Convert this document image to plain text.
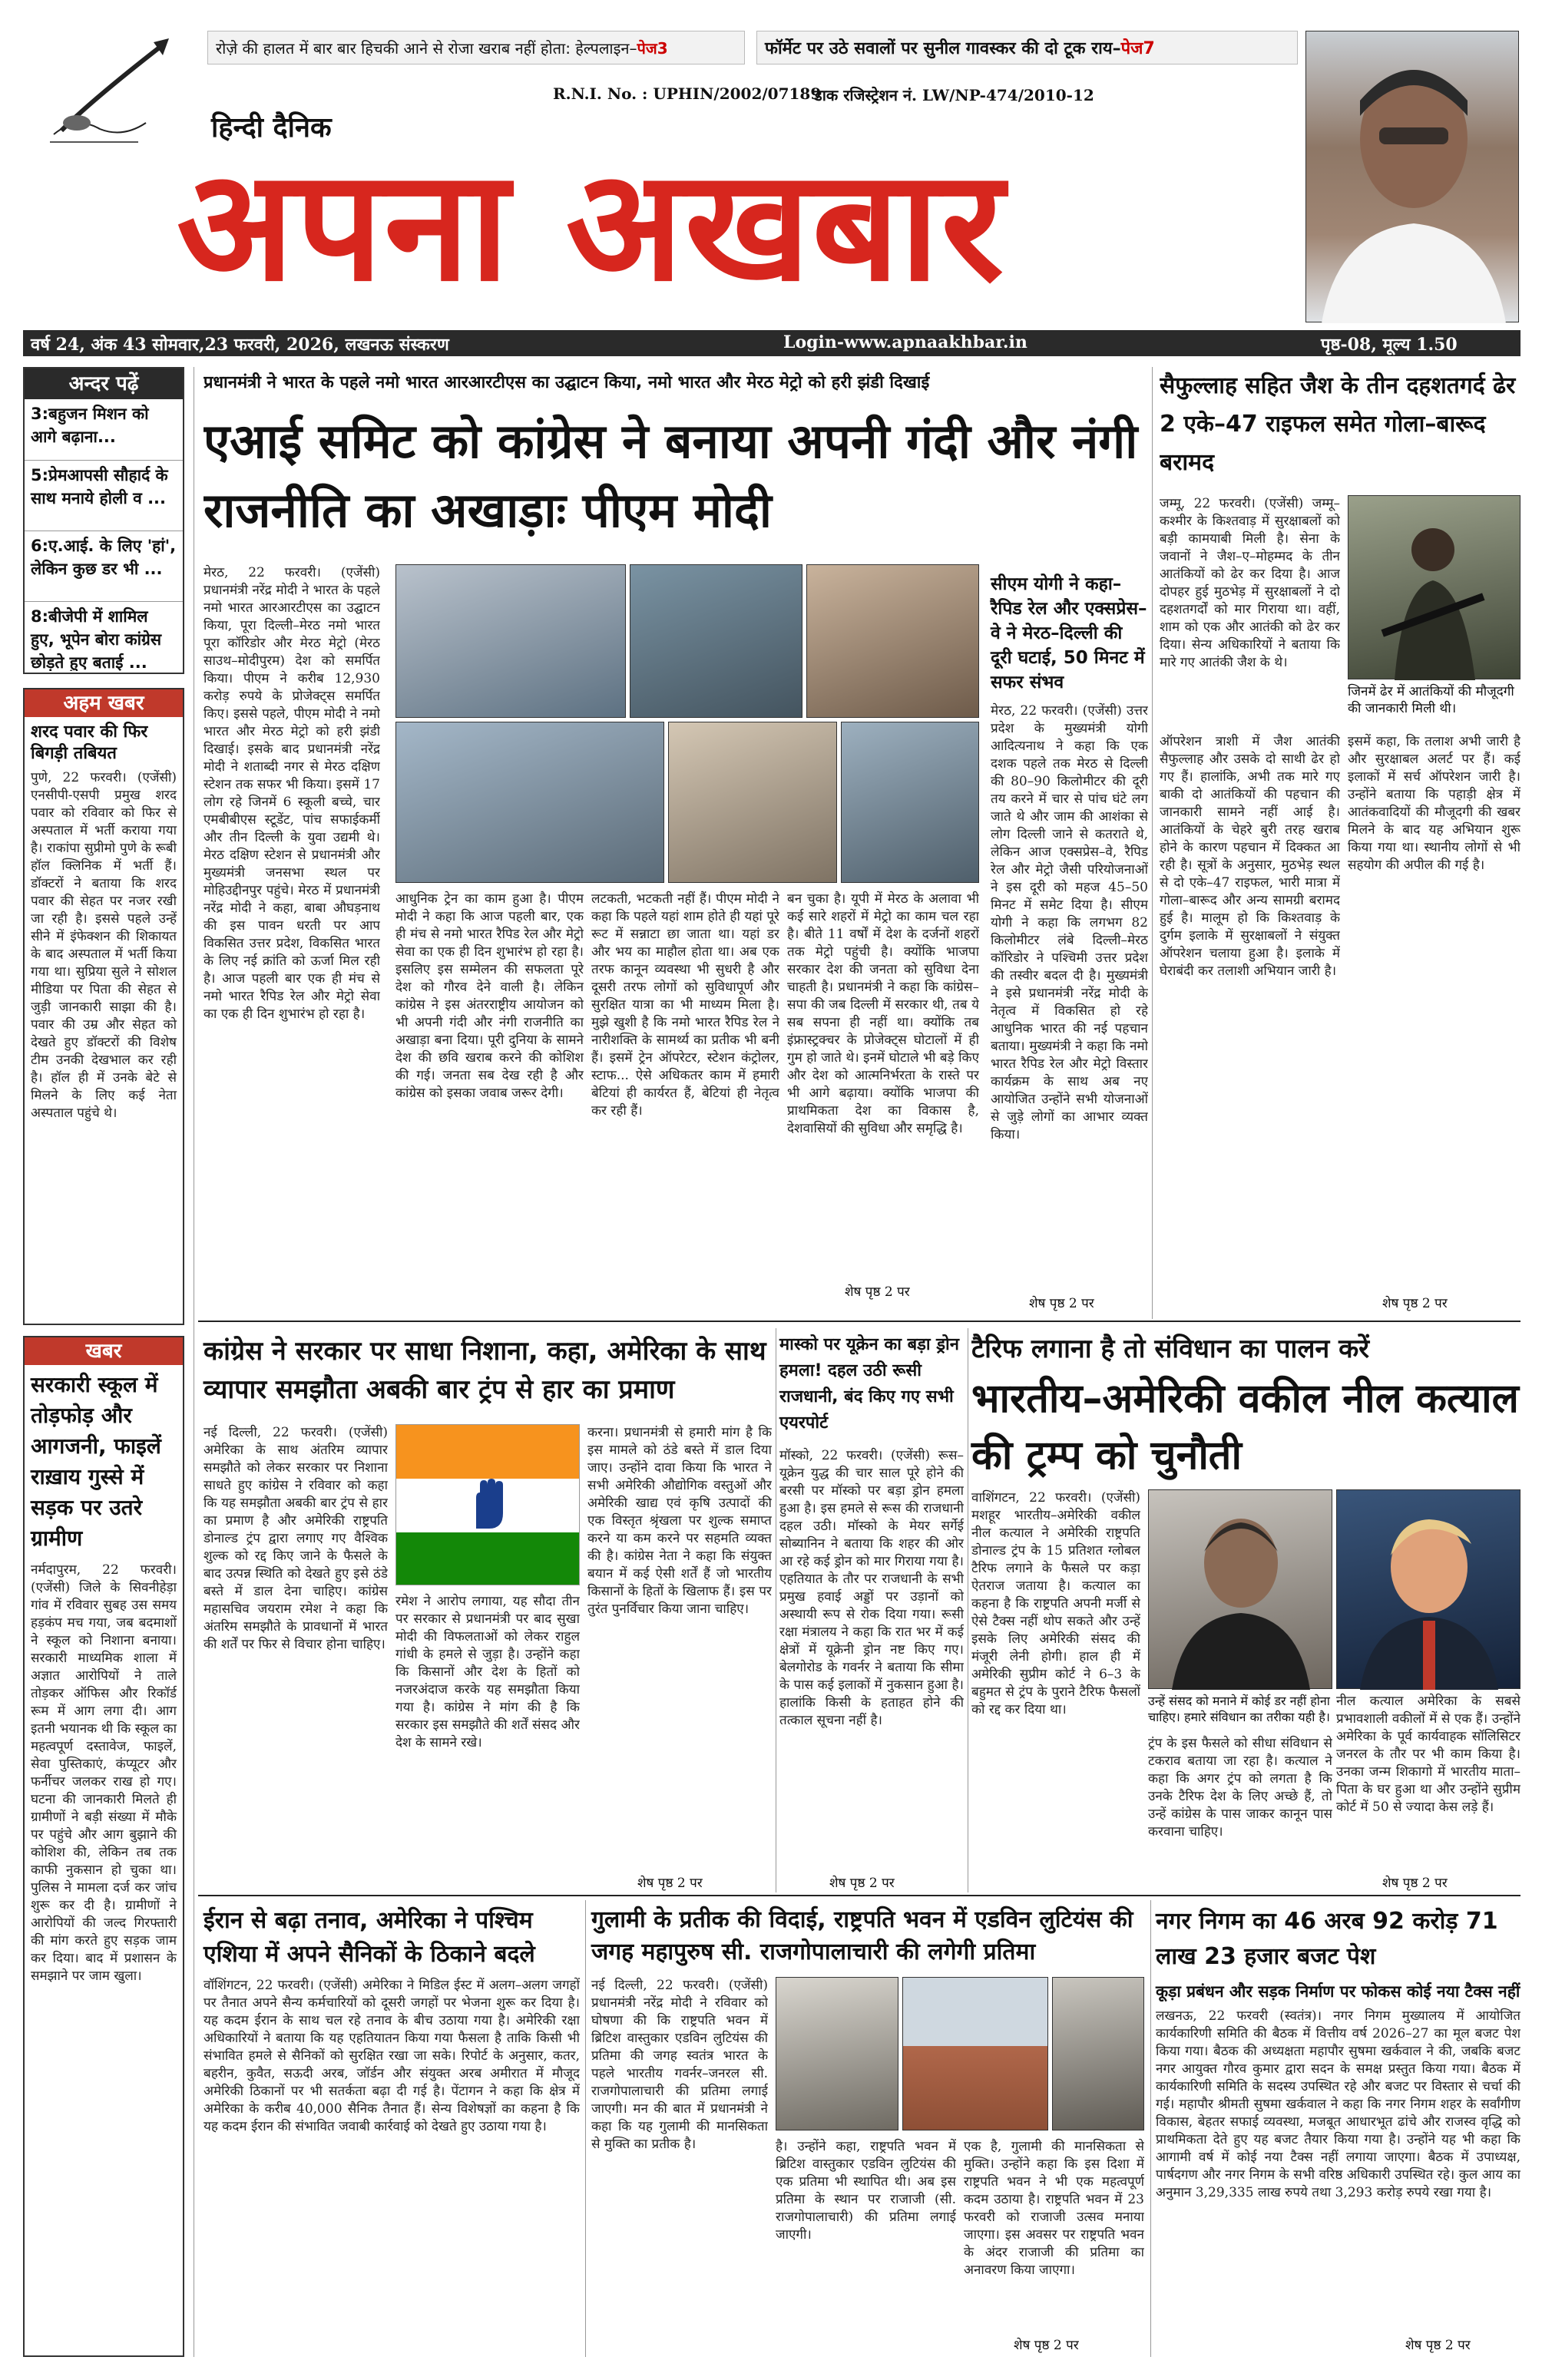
रोज़े की हालत में बार बार हिचकी आने से रोजा खराब नहीं होता: हेल्पलाइन– पेज3	फॉर्मेट पर उठे सवालों पर सुनील गावस्कर की दो टूक राय– पेज7
R.N.I. No. : UPHIN/2002/07189
डाक रजिस्ट्रेशन नं. LW/NP-474/2010-12
हिन्दी दैनिक
अपना अखबार
वर्ष 24, अंक 43 सोमवार,23 फरवरी, 2026, लखनऊ संस्करण	Login-www.apnaakhbar.in	पृष्ठ-08, मूल्य 1.50
अन्दर पढ़ें
3:बहुजन मिशन को आगे बढ़ाना...
5:प्रेमआपसी सौहार्द के साथ मनाये होली व ...
6:ए.आई. के लिए 'हां', लेकिन कुछ डर भी ...
8:बीजेपी में शामिल हुए, भूपेन बोरा कांग्रेस छोड़ते हुए बताई ...
अहम खबर
शरद पवार की फिर बिगड़ी तबियत
पुणे, 22 फरवरी। (एजेंसी) एनसीपी-एसपी प्रमुख शरद पवार को रविवार को फिर से अस्पताल में भर्ती कराया गया है। राकांपा सुप्रीमो पुणे के रूबी हॉल क्लिनिक में भर्ती हैं। डॉक्टरों ने बताया कि शरद पवार की सेहत पर नजर रखी जा रही है। इससे पहले उन्हें सीने में इंफेक्शन की शिकायत के बाद अस्पताल में भर्ती किया गया था। सुप्रिया सुले ने सोशल मीडिया पर पिता की सेहत से जुड़ी जानकारी साझा की है। पवार की उम्र और सेहत को देखते हुए डॉक्टरों की विशेष टीम उनकी देखभाल कर रही है। हॉल ही में उनके बेटे से मिलने के लिए कई नेता अस्पताल पहुंचे थे।
खबर
सरकारी स्कूल में तोड़फोड़ और आगजनी, फाइलें राख़ाय गुस्से में सड़क पर उतरे ग्रामीण
नर्मदापुरम, 22 फरवरी। (एजेंसी) जिले के सिवनीहेड़ा गांव में रविवार सुबह उस समय हड़कंप मच गया, जब बदमाशों ने स्कूल को निशाना बनाया। सरकारी माध्यमिक शाला में अज्ञात आरोपियों ने ताले तोड़कर ऑफिस और रिकॉर्ड रूम में आग लगा दी। आग इतनी भयानक थी कि स्कूल का महत्वपूर्ण दस्तावेज, फाइलें, सेवा पुस्तिकाएं, कंप्यूटर और फर्नीचर जलकर राख हो गए। घटना की जानकारी मिलते ही ग्रामीणों ने बड़ी संख्या में मौके पर पहुंचे और आग बुझाने की कोशिश की, लेकिन तब तक काफी नुकसान हो चुका था। पुलिस ने मामला दर्ज कर जांच शुरू कर दी है। ग्रामीणों ने आरोपियों की जल्द गिरफ्तारी की मांग करते हुए सड़क जाम कर दिया। बाद में प्रशासन के समझाने पर जाम खुला।
प्रधानमंत्री ने भारत के पहले नमो भारत आरआरटीएस का उद्घाटन किया, नमो भारत और मेरठ मेट्रो को हरी झंडी दिखाई
एआई समिट को कांग्रेस ने बनाया अपनी गंदी और नंगी राजनीति का अखाड़ाः पीएम मोदी
मेरठ, 22 फरवरी। (एजेंसी) प्रधानमंत्री नरेंद्र मोदी ने भारत के पहले नमो भारत आरआरटीएस का उद्घाटन किया, पूरा दिल्ली–मेरठ नमो भारत पूरा कॉरिडोर और मेरठ मेट्रो (मेरठ साउथ–मोदीपुरम) देश को समर्पित किया। पीएम ने करीब 12,930 करोड़ रुपये के प्रोजेक्ट्स समर्पित किए। इससे पहले, पीएम मोदी ने नमो भारत और मेरठ मेट्रो को हरी झंडी दिखाई। इसके बाद प्रधानमंत्री नरेंद्र मोदी ने शताब्दी नगर से मेरठ दक्षिण स्टेशन तक सफर भी किया। इसमें 17 लोग रहे जिनमें 6 स्कूली बच्चे, चार एमबीबीएस स्टूडेंट, पांच सफाईकर्मी और तीन दिल्ली के युवा उद्यमी थे। मेरठ दक्षिण स्टेशन से प्रधानमंत्री और मुख्यमंत्री जनसभा स्थल पर मोहिउद्दीनपुर पहुंचे। मेरठ में प्रधानमंत्री नरेंद्र मोदी ने कहा, बाबा औघड़नाथ की इस पावन धरती पर आप विकसित उत्तर प्रदेश, विकसित भारत के लिए नई क्रांति को ऊर्जा मिल रही है। आज पहली बार एक ही मंच से नमो भारत रैपिड रेल और मेट्रो सेवा का एक ही दिन शुभारंभ हो रहा है।
सीएम योगी ने कहा– रैपिड रेल और एक्सप्रेस–वे ने मेरठ–दिल्ली की दूरी घटाई, 50 मिनट में सफर संभव
मेरठ, 22 फरवरी। (एजेंसी) उत्तर प्रदेश के मुख्यमंत्री योगी आदित्यनाथ ने कहा कि एक दशक पहले तक मेरठ से दिल्ली की 80–90 किलोमीटर की दूरी तय करने में चार से पांच घंटे लग जाते थे और जाम की आशंका से लोग दिल्ली जाने से कतराते थे, लेकिन आज एक्सप्रेस–वे, रैपिड रेल और मेट्रो जैसी परियोजनाओं ने इस दूरी को महज 45–50 मिनट में समेट दिया है। सीएम योगी ने कहा कि लगभग 82 किलोमीटर लंबे दिल्ली–मेरठ कॉरिडोर ने पश्चिमी उत्तर प्रदेश की तस्वीर बदल दी है। मुख्यमंत्री ने इसे प्रधानमंत्री नरेंद्र मोदी के नेतृत्व में विकसित हो रहे आधुनिक भारत की नई पहचान बताया। मुख्यमंत्री ने कहा कि नमो भारत रैपिड रेल और मेट्रो विस्तार कार्यक्रम के साथ अब नए आयोजित उन्होंने सभी योजनाओं से जुड़े लोगों का आभार व्यक्त किया।
शेष पृष्ठ 2 पर
आधुनिक ट्रेन का काम हुआ है। पीएम मोदी ने कहा कि आज पहली बार, एक ही मंच से नमो भारत रैपिड रेल और मेट्रो सेवा का एक ही दिन शुभारंभ हो रहा है। इसलिए इस सम्मेलन की सफलता पूरे देश को गौरव देने वाली है। लेकिन कांग्रेस ने इस अंतरराष्ट्रीय आयोजन को भी अपनी गंदी और नंगी राजनीति का अखाड़ा बना दिया। पूरी दुनिया के सामने देश की छवि खराब करने की कोशिश की गई। जनता सब देख रही है और कांग्रेस को इसका जवाब जरूर देगी।
लटकती, भटकती नहीं हैं। पीएम मोदी ने कहा कि पहले यहां शाम होते ही यहां पूरे रूट में सन्नाटा छा जाता था। यहां डर और भय का माहौल होता था। अब एक तरफ कानून व्यवस्था भी सुधरी है और दूसरी तरफ लोगों को सुविधापूर्ण और सुरक्षित यात्रा का भी माध्यम मिला है। मुझे खुशी है कि नमो भारत रैपिड रेल ने नारीशक्ति के सामर्थ्य का प्रतीक भी बनी हैं। इसमें ट्रेन ऑपरेटर, स्टेशन कंट्रोलर, स्टाफ... ऐसे अधिकतर काम में हमारी बेटियां ही कार्यरत हैं, बेटियां ही नेतृत्व कर रही हैं।
बन चुका है। यूपी में मेरठ के अलावा भी कई सारे शहरों में मेट्रो का काम चल रहा है। बीते 11 वर्षों में देश के दर्जनों शहरों तक मेट्रो पहुंची है। क्योंकि भाजपा सरकार देश की जनता को सुविधा देना चाहती है। प्रधानमंत्री ने कहा कि कांग्रेस–सपा की जब दिल्ली में सरकार थी, तब ये सब सपना ही नहीं था। क्योंकि तब इंफ्रास्ट्रक्चर के प्रोजेक्ट्स घोटालों में ही गुम हो जाते थे। इनमें घोटाले भी बड़े किए और देश को आत्मनिर्भरता के रास्ते पर भी आगे बढ़ाया। क्योंकि भाजपा की प्राथमिकता देश का विकास है, देशवासियों की सुविधा और समृद्धि है।
शेष पृष्ठ 2 पर
सैफुल्लाह सहित जैश के तीन दहशतगर्द ढेर 2 एके–47 राइफल समेत गोला–बारूद बरामद
जम्मू, 22 फरवरी। (एजेंसी) जम्मू–कश्मीर के किश्तवाड़ में सुरक्षाबलों को बड़ी कामयाबी मिली है। सेना के जवानों ने जैश–ए–मोहम्मद के तीन आतंकियों को ढेर कर दिया है। आज दोपहर हुई मुठभेड़ में सुरक्षाबलों ने दो दहशतगर्दों को मार गिराया था। वहीं, शाम को एक और आतंकी को ढेर कर दिया। सेन्य अधिकारियों ने बताया कि मारे गए आतंकी जैश के थे।
जिनमें ढेर में आतंकियों की मौजूदगी की जानकारी मिली थी।
ऑपरेशन त्राशी में जैश आतंकी सैफुल्लाह और उसके दो साथी ढेर हो गए हैं। हालांकि, अभी तक मारे गए बाकी दो आतंकियों की पहचान की जानकारी सामने नहीं आई है। आतंकियों के चेहरे बुरी तरह खराब होने के कारण पहचान में दिक्कत आ रही है। सूत्रों के अनुसार, मुठभेड़ स्थल से दो एके–47 राइफल, भारी मात्रा में गोला–बारूद और अन्य सामग्री बरामद हुई है। मालूम हो कि किश्तवाड़ के दुर्गम इलाके में सुरक्षाबलों ने संयुक्त ऑपरेशन चलाया हुआ है। इलाके में घेराबंदी कर तलाशी अभियान जारी है।
इसमें कहा, कि तलाश अभी जारी है और सुरक्षाबल अलर्ट पर हैं। कई इलाकों में सर्च ऑपरेशन जारी है। उन्होंने बताया कि पहाड़ी क्षेत्र में आतंकवादियों की मौजूदगी की खबर मिलने के बाद यह अभियान शुरू किया गया था। स्थानीय लोगों से भी सहयोग की अपील की गई है।
शेष पृष्ठ 2 पर
कांग्रेस ने सरकार पर साधा निशाना, कहा, अमेरिका के साथ व्यापार समझौता अबकी बार ट्रंप से हार का प्रमाण
नई दिल्ली, 22 फरवरी। (एजेंसी) अमेरिका के साथ अंतरिम व्यापार समझौते को लेकर सरकार पर निशाना साधते हुए कांग्रेस ने रविवार को कहा कि यह समझौता अबकी बार ट्रंप से हार का प्रमाण है और अमेरिकी राष्ट्रपति डोनाल्ड ट्रंप द्वारा लगाए गए वैश्विक शुल्क को रद्द किए जाने के फैसले के बाद उत्पन्न स्थिति को देखते हुए इसे ठंडे बस्ते में डाल देना चाहिए। कांग्रेस महासचिव जयराम रमेश ने कहा कि अंतरिम समझौते के प्रावधानों में भारत की शर्तें पर फिर से विचार होना चाहिए।
रमेश ने आरोप लगाया, यह सौदा तीन पर सरकार से प्रधानमंत्री पर बाद सुखा मोदी की विफलताओं को लेकर राहुल गांधी के हमले से जुड़ा है। उन्होंने कहा कि किसानों और देश के हितों को नजरअंदाज करके यह समझौता किया गया है। कांग्रेस ने मांग की है कि सरकार इस समझौते की शर्तें संसद और देश के सामने रखे।
करना। प्रधानमंत्री से हमारी मांग है कि इस मामले को ठंडे बस्ते में डाल दिया जाए। उन्होंने दावा किया कि भारत ने सभी अमेरिकी औद्योगिक वस्तुओं और अमेरिकी खाद्य एवं कृषि उत्पादों की एक विस्तृत श्रृंखला पर शुल्क समाप्त करने या कम करने पर सहमति व्यक्त की है। कांग्रेस नेता ने कहा कि संयुक्त बयान में कई ऐसी शर्तें हैं जो भारतीय किसानों के हितों के खिलाफ हैं। इस पर तुरंत पुनर्विचार किया जाना चाहिए।
शेष पृष्ठ 2 पर
मास्को पर यूक्रेन का बड़ा ड्रोन हमला! दहल उठी रूसी राजधानी, बंद किए गए सभी एयरपोर्ट
मॉस्को, 22 फरवरी। (एजेंसी) रूस–यूक्रेन युद्ध की चार साल पूरे होने की बरसी पर मॉस्को पर बड़ा ड्रोन हमला हुआ है। इस हमले से रूस की राजधानी दहल उठी। मॉस्को के मेयर सर्गेई सोब्यानिन ने बताया कि शहर की ओर आ रहे कई ड्रोन को मार गिराया गया है। एहतियात के तौर पर राजधानी के सभी प्रमुख हवाई अड्डों पर उड़ानों को अस्थायी रूप से रोक दिया गया। रूसी रक्षा मंत्रालय ने कहा कि रात भर में कई क्षेत्रों में यूक्रेनी ड्रोन नष्ट किए गए। बेलगोरोड के गवर्नर ने बताया कि सीमा के पास कई इलाकों में नुकसान हुआ है। हालांकि किसी के हताहत होने की तत्काल सूचना नहीं है।
शेष पृष्ठ 2 पर
टैरिफ लगाना है तो संविधान का पालन करें
भारतीय–अमेरिकी वकील नील कत्याल की ट्रम्प को चुनौती
वाशिंगटन, 22 फरवरी। (एजेंसी) मशहूर भारतीय–अमेरिकी वकील नील कत्याल ने अमेरिकी राष्ट्रपति डोनाल्ड ट्रंप के 15 प्रतिशत ग्लोबल टैरिफ लगाने के फैसले पर कड़ा ऐतराज जताया है। कत्याल का कहना है कि राष्ट्रपति अपनी मर्जी से ऐसे टैक्स नहीं थोप सकते और उन्हें इसके लिए अमेरिकी संसद की मंजूरी लेनी होगी। हाल ही में अमेरिकी सुप्रीम कोर्ट ने 6–3 के बहुमत से ट्रंप के पुराने टैरिफ फैसलों को रद्द कर दिया था।
उन्हें संसद को मनाने में कोई डर नहीं होना चाहिए। हमारे संविधान का तरीका यही है।
ट्रंप के इस फैसले को सीधा संविधान से टकराव बताया जा रहा है। कत्याल ने कहा कि अगर ट्रंप को लगता है कि उनके टैरिफ देश के लिए अच्छे हैं, तो उन्हें कांग्रेस के पास जाकर कानून पास करवाना चाहिए।
नील कत्याल अमेरिका के सबसे प्रभावशाली वकीलों में से एक हैं। उन्होंने अमेरिका के पूर्व कार्यवाहक सॉलिसिटर जनरल के तौर पर भी काम किया है। उनका जन्म शिकागो में भारतीय माता–पिता के घर हुआ था और उन्होंने सुप्रीम कोर्ट में 50 से ज्यादा केस लड़े हैं।
शेष पृष्ठ 2 पर
ईरान से बढ़ा तनाव, अमेरिका ने पश्चिम एशिया में अपने सैनिकों के ठिकाने बदले
वॉशिंगटन, 22 फरवरी। (एजेंसी) अमेरिका ने मिडिल ईस्ट में अलग–अलग जगहों पर तैनात अपने सैन्य कर्मचारियों को दूसरी जगहों पर भेजना शुरू कर दिया है। यह कदम ईरान के साथ चल रहे तनाव के बीच उठाया गया है। अमेरिकी रक्षा अधिकारियों ने बताया कि यह एहतियातन किया गया फैसला है ताकि किसी भी संभावित हमले से सैनिकों को सुरक्षित रखा जा सके। रिपोर्ट के अनुसार, कतर, बहरीन, कुवैत, सऊदी अरब, जॉर्डन और संयुक्त अरब अमीरात में मौजूद अमेरिकी ठिकानों पर भी सतर्कता बढ़ा दी गई है। पेंटागन ने कहा कि क्षेत्र में अमेरिका के करीब 40,000 सैनिक तैनात हैं। सेन्य विशेषज्ञों का कहना है कि यह कदम ईरान की संभावित जवाबी कार्रवाई को देखते हुए उठाया गया है।
गुलामी के प्रतीक की विदाई, राष्ट्रपति भवन में एडविन लुटियंस की जगह महापुरुष सी. राजगोपालाचारी की लगेगी प्रतिमा
नई दिल्ली, 22 फरवरी। (एजेंसी) प्रधानमंत्री नरेंद्र मोदी ने रविवार को घोषणा की कि राष्ट्रपति भवन में ब्रिटिश वास्तुकार एडविन लुटियंस की प्रतिमा की जगह स्वतंत्र भारत के पहले भारतीय गवर्नर–जनरल सी. राजगोपालाचारी की प्रतिमा लगाई जाएगी। मन की बात में प्रधानमंत्री ने कहा कि यह गुलामी की मानसिकता से मुक्ति का प्रतीक है।	है। उन्होंने कहा, राष्ट्रपति भवन में ब्रिटिश वास्तुकार एडविन लुटियंस की एक प्रतिमा भी स्थापित थी। अब इस प्रतिमा के स्थान पर राजाजी (सी. राजगोपालाचारी) की प्रतिमा लगाई जाएगी।
एक है, गुलामी की मानसिकता से मुक्ति। उन्होंने कहा कि इस दिशा में राष्ट्रपति भवन ने भी एक महत्वपूर्ण कदम उठाया है। राष्ट्रपति भवन में 23 फरवरी को राजाजी उत्सव मनाया जाएगा। इस अवसर पर राष्ट्रपति भवन के अंदर राजाजी की प्रतिमा का अनावरण किया जाएगा।
शेष पृष्ठ 2 पर
नगर निगम का 46 अरब 92 करोड़ 71 लाख 23 हजार बजट पेश
कूड़ा प्रबंधन और सड़क निर्माण पर फोकस कोई नया टैक्स नहीं
लखनऊ, 22 फरवरी (स्वतंत्र)। नगर निगम मुख्यालय में आयोजित कार्यकारिणी समिति की बैठक में वित्तीय वर्ष 2026–27 का मूल बजट पेश किया गया। बैठक की अध्यक्षता महापौर सुषमा खर्कवाल ने की, जबकि बजट नगर आयुक्त गौरव कुमार द्वारा सदन के समक्ष प्रस्तुत किया गया। बैठक में कार्यकारिणी समिति के सदस्य उपस्थित रहे और बजट पर विस्तार से चर्चा की गई। महापौर श्रीमती सुषमा खर्कवाल ने कहा कि नगर निगम शहर के सर्वांगीण विकास, बेहतर सफाई व्यवस्था, मजबूत आधारभूत ढांचे और राजस्व वृद्धि को प्राथमिकता देते हुए यह बजट तैयार किया गया है। उन्होंने यह भी कहा कि आगामी वर्ष में कोई नया टैक्स नहीं लगाया जाएगा। बैठक में उपाध्यक्ष, पार्षदगण और नगर निगम के सभी वरिष्ठ अधिकारी उपस्थित रहे। कुल आय का अनुमान 3,29,335 लाख रुपये तथा 3,293 करोड़ रुपये रखा गया है।
शेष पृष्ठ 2 पर
